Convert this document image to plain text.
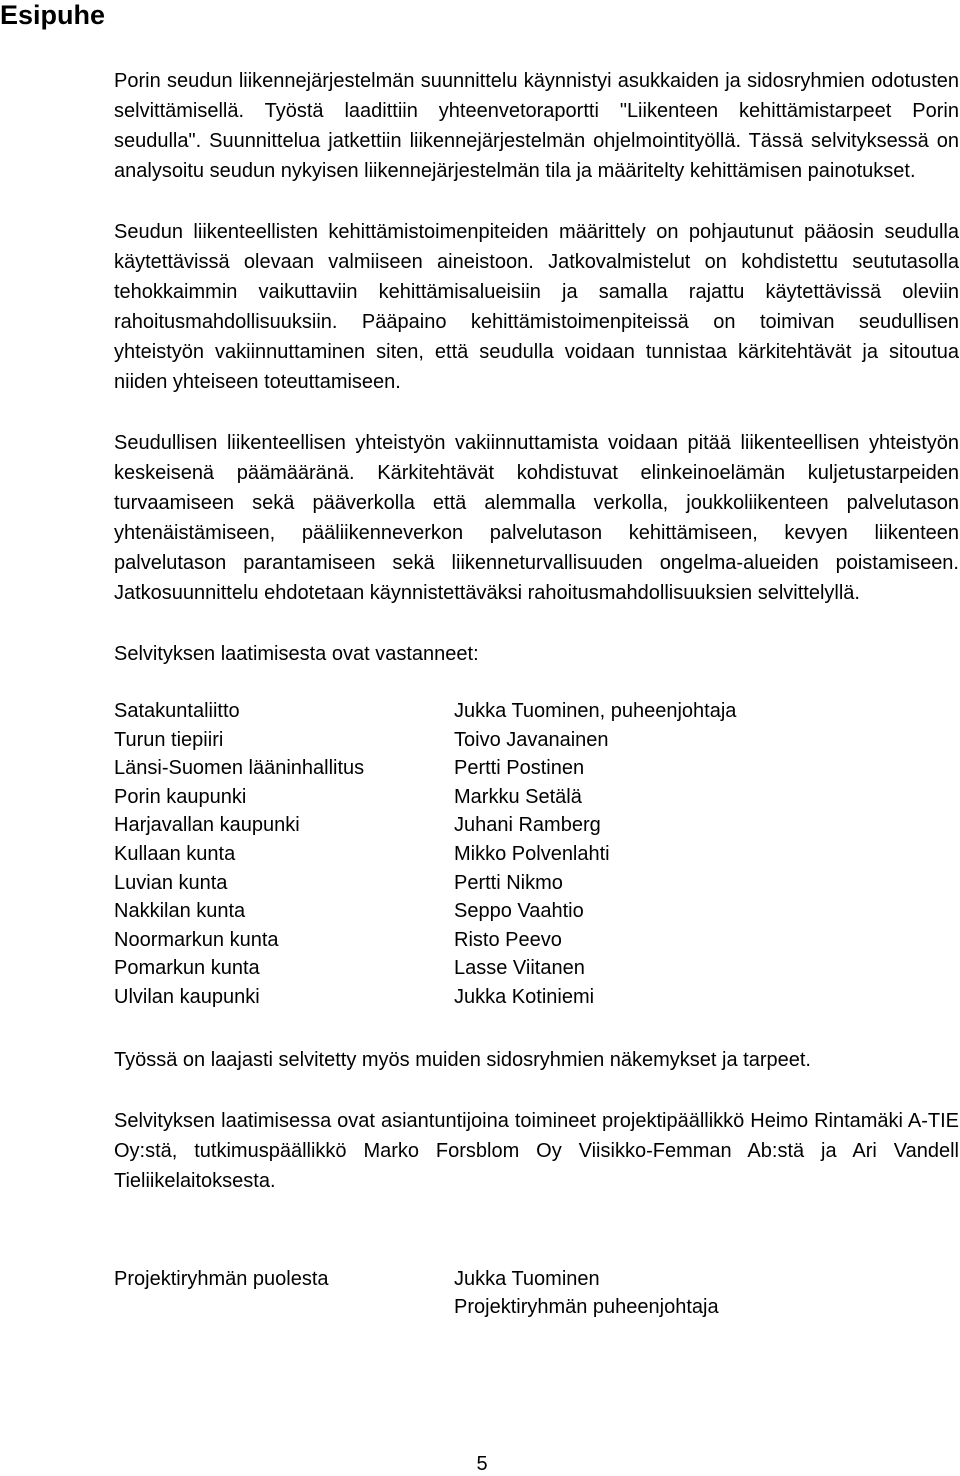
Esipuhe

Porin seudun liikennejärjestelmän suunnittelu käynnistyi asukkaiden ja sidosryhmien odotusten selvittämisellä. Työstä laadittiin yhteenvetoraportti "Liikenteen kehittämistarpeet Porin seudulla". Suunnittelua jatkettiin liikennejärjestelmän ohjelmointityöllä. Tässä selvityksessä on analysoitu seudun nykyisen liikennejärjestelmän tila ja määritelty kehittämisen painotukset.

Seudun liikenteellisten kehittämistoimenpiteiden määrittely on pohjautunut pääosin seudulla käytettävissä olevaan valmiiseen aineistoon. Jatkovalmistelut on kohdistettu seututasolla tehokkaimmin vaikuttaviin kehittämisalueisiin ja samalla rajattu käytettävissä oleviin rahoitusmahdollisuuksiin. Pääpaino kehittämistoimenpiteissä on toimivan seudullisen yhteistyön vakiinnuttaminen siten, että seudulla voidaan tunnistaa kärkitehtävät ja sitoutua niiden yhteiseen toteuttamiseen.

Seudullisen liikenteellisen yhteistyön vakiinnuttamista voidaan pitää liikenteellisen yhteistyön keskeisenä päämääränä. Kärkitehtävät kohdistuvat elinkeinoelämän kuljetustarpeiden turvaamiseen sekä pääverkolla että alemmalla verkolla, joukkoliikenteen palvelutason yhtenäistämiseen, pääliikenneverkon palvelutason kehittämiseen, kevyen liikenteen palvelutason parantamiseen sekä liikenneturvallisuuden ongelma-alueiden poistamiseen. Jatkosuunnittelu ehdotetaan käynnistettäväksi rahoitusmahdollisuuksien selvittelyllä.

Selvityksen laatimisesta ovat vastanneet:

Satakuntaliitto	Jukka Tuominen, puheenjohtaja
Turun tiepiiri	Toivo Javanainen
Länsi-Suomen lääninhallitus	Pertti Postinen
Porin kaupunki	Markku Setälä
Harjavallan kaupunki	Juhani Ramberg
Kullaan kunta	Mikko Polvenlahti
Luvian kunta	Pertti Nikmo
Nakkilan kunta	Seppo Vaahtio
Noormarkun kunta	Risto Peevo
Pomarkun kunta	Lasse Viitanen
Ulvilan kaupunki	Jukka Kotiniemi

Työssä on laajasti selvitetty myös muiden sidosryhmien näkemykset ja tarpeet.

Selvityksen laatimisessa ovat asiantuntijoina toimineet projektipäällikkö Heimo Rintamäki A-TIE Oy:stä, tutkimuspäällikkö Marko Forsblom Oy Viisikko-Femman Ab:stä ja Ari Vandell Tieliikelaitoksesta.

Projektiryhmän puolesta	Jukka Tuominen
Projektiryhmän puheenjohtaja
5
